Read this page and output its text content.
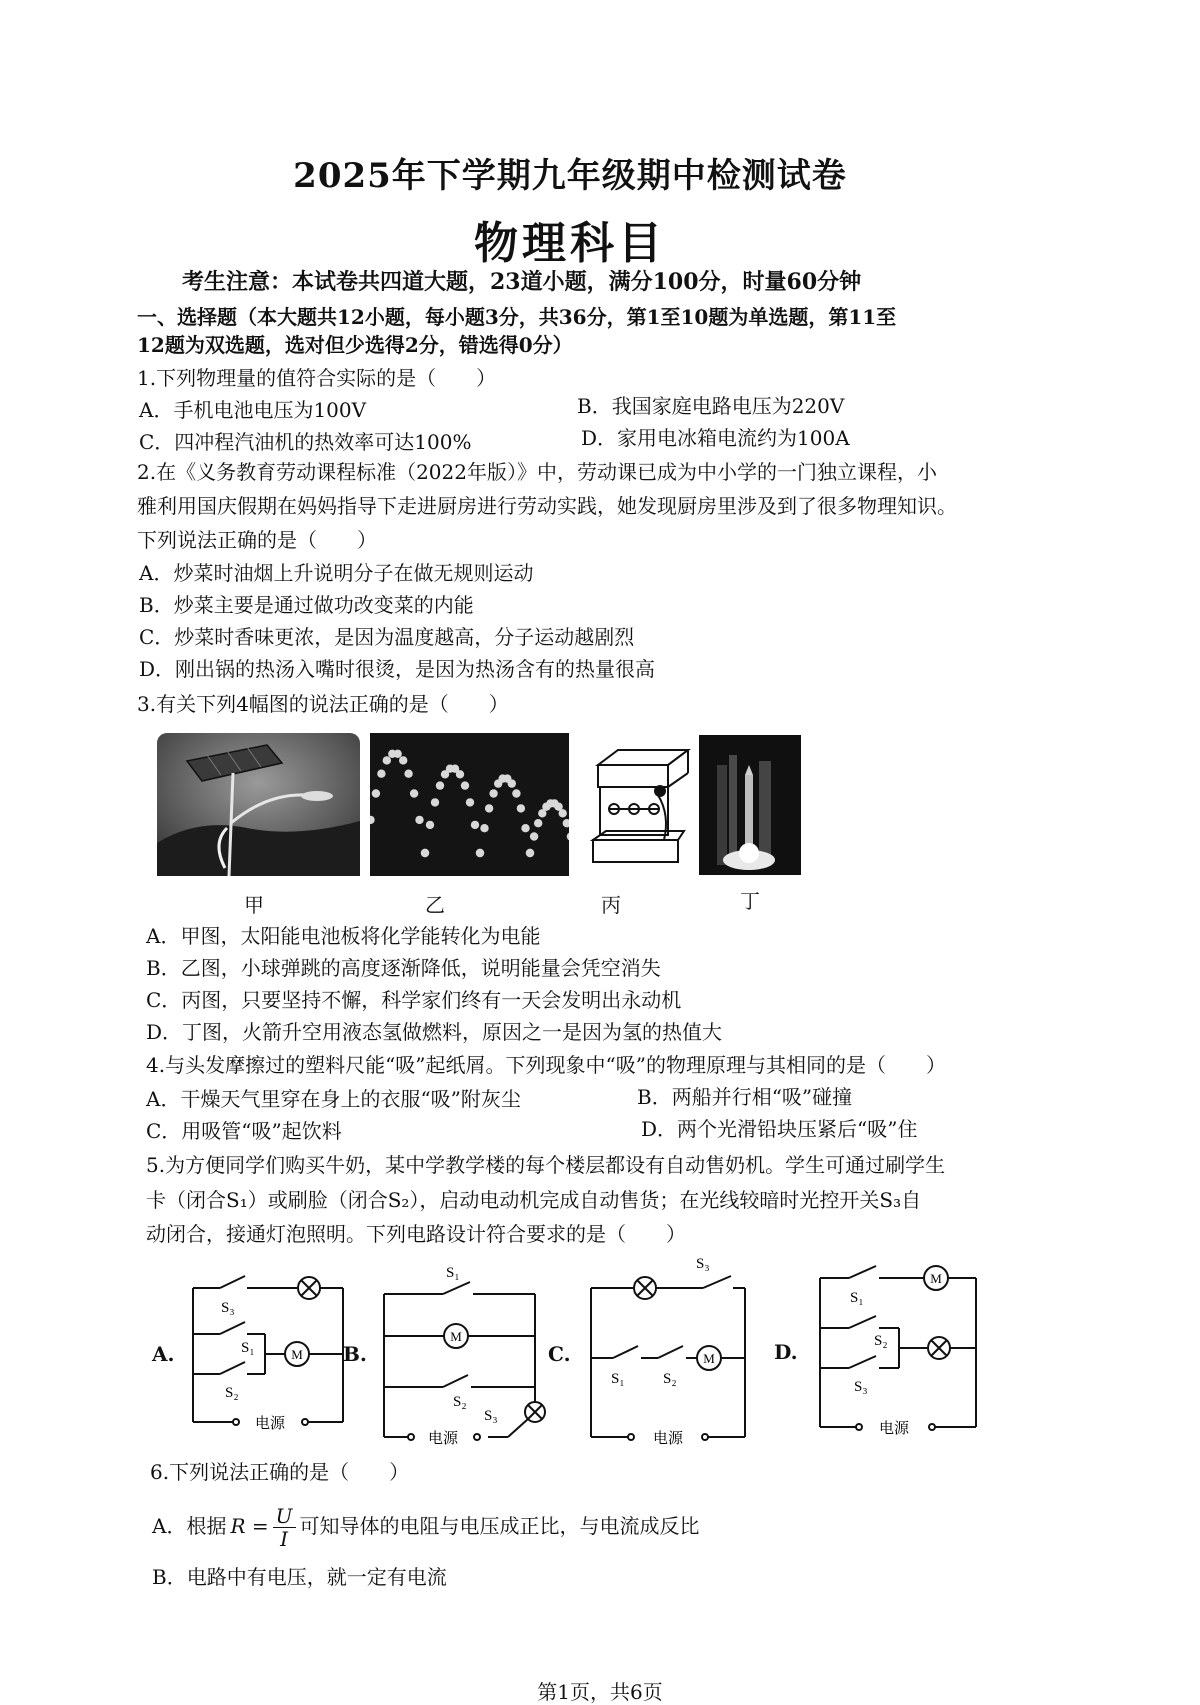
2025年下学期九年级期中检测试卷
物理科目
考生注意：本试卷共四道大题，23道小题，满分100分，时量60分钟
一、选择题（本大题共12小题，每小题3分，共36分，第1至10题为单选题，第11至
12题为双选题，选对但少选得2分，错选得0分）
1.下列物理量的值符合实际的是（　　）
A．手机电池电压为100V	B．我国家庭电路电压为220V
C．四冲程汽油机的热效率可达100%	D．家用电冰箱电流约为100A
2.在《义务教育劳动课程标准（2022年版）》中，劳动课已成为中小学的一门独立课程，小
雅利用国庆假期在妈妈指导下走进厨房进行劳动实践，她发现厨房里涉及到了很多物理知识。
下列说法正确的是（　　）
A．炒菜时油烟上升说明分子在做无规则运动
B．炒菜主要是通过做功改变菜的内能
C．炒菜时香味更浓，是因为温度越高，分子运动越剧烈
D．刚出锅的热汤入嘴时很烫，是因为热汤含有的热量很高
3.有关下列4幅图的说法正确的是（　　）
甲	乙	丙	丁
A．甲图，太阳能电池板将化学能转化为电能
B．乙图，小球弹跳的高度逐渐降低，说明能量会凭空消失
C．丙图，只要坚持不懈，科学家们终有一天会发明出永动机
D．丁图，火箭升空用液态氢做燃料，原因之一是因为氢的热值大
4.与头发摩擦过的塑料尺能“吸”起纸屑。下列现象中“吸”的物理原理与其相同的是（　　）
A．干燥天气里穿在身上的衣服“吸”附灰尘	B．两船并行相“吸”碰撞
C．用吸管“吸”起饮料	D．两个光滑铅块压紧后“吸”住
5.为方便同学们购买牛奶，某中学教学楼的每个楼层都设有自动售奶机。学生可通过刷学生
卡（闭合S₁）或刷脸（闭合S₂），启动电动机完成自动售货；在光线较暗时光控开关S₃自
动闭合，接通灯泡照明。下列电路设计符合要求的是（　　）
A.	M
S₃
S₁
S₂
电源
B.
M
S₁
S₂
S₃
电源
C.	M
S₃
S₁	S₂
电源
D.
M
S₁
S₂
S₃
电源
6.下列说法正确的是（　　）
A．根据 $R = \frac{U}{I}$ 可知导体的电阻与电压成正比，与电流成反比
B．电路中有电压，就一定有电流
第1页，共6页
